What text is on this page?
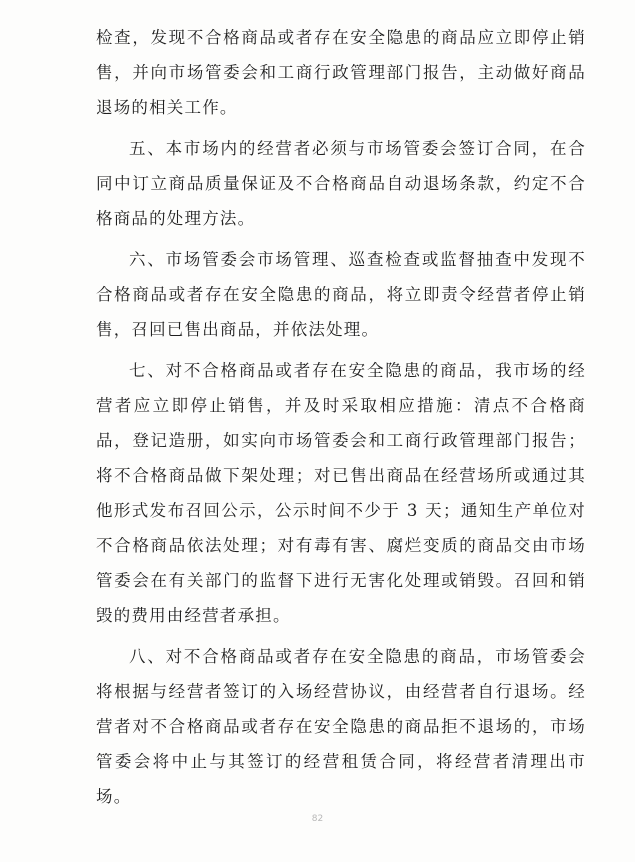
检查，发现不合格商品或者存在安全隐患的商品应立即停止销售，并向市场管委会和工商行政管理部门报告，主动做好商品退场的相关工作。

五、本市场内的经营者必须与市场管委会签订合同，在合同中订立商品质量保证及不合格商品自动退场条款，约定不合格商品的处理方法。

六、市场管委会市场管理、巡查检查或监督抽查中发现不合格商品或者存在安全隐患的商品，将立即责令经营者停止销售，召回已售出商品，并依法处理。

七、对不合格商品或者存在安全隐患的商品，我市场的经营者应立即停止销售，并及时采取相应措施：清点不合格商品，登记造册，如实向市场管委会和工商行政管理部门报告；将不合格商品做下架处理；对已售出商品在经营场所或通过其他形式发布召回公示，公示时间不少于 3 天；通知生产单位对不合格商品依法处理；对有毒有害、腐烂变质的商品交由市场管委会在有关部门的监督下进行无害化处理或销毁。召回和销毁的费用由经营者承担。

八、对不合格商品或者存在安全隐患的商品，市场管委会将根据与经营者签订的入场经营协议，由经营者自行退场。经营者对不合格商品或者存在安全隐患的商品拒不退场的，市场管委会将中止与其签订的经营租赁合同，将经营者清理出市场。

82
